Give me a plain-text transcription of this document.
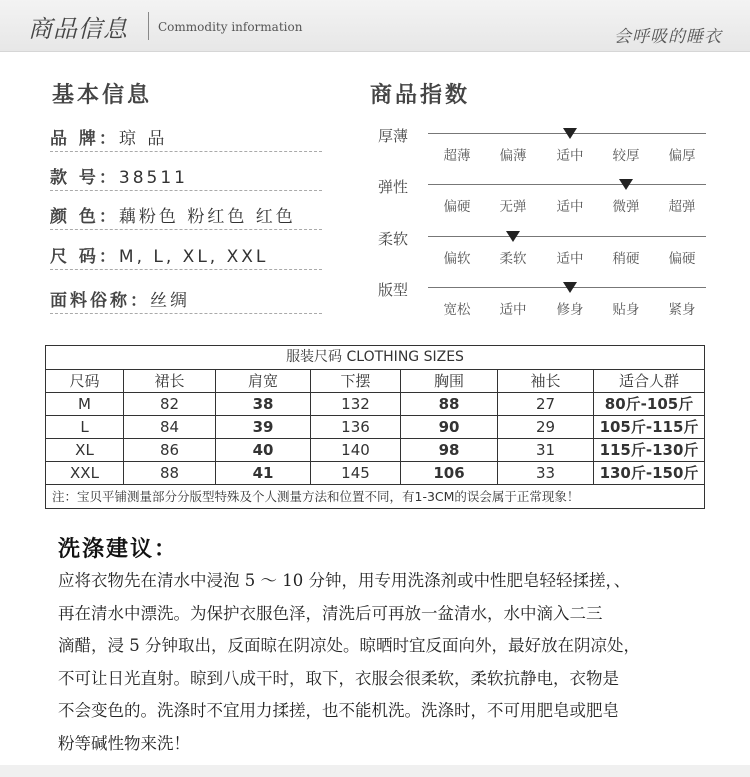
商品信息	Commodity information	会呼吸的睡衣
基本信息
品 牌：琼 品
款 号：38511
颜 色：藕粉色 粉红色 红色
尺 码：M, L, XL, XXL
面料俗称：丝绸
商品指数
厚薄
超薄	偏薄	适中	较厚	偏厚
弹性
偏硬	无弹	适中	微弹	超弹
柔软
偏软	柔软	适中	稍硬	偏硬
版型
宽松	适中	修身	贴身	紧身
服装尺码 CLOTHING SIZES
尺码	裙长	肩宽	下摆	胸围	袖长	适合人群
M	82	38	132	88	27	80斤-105斤
L	84	39	136	90	29	105斤-115斤
XL	86	40	140	98	31	115斤-130斤
XXL	88	41	145	106	33	130斤-150斤
注：宝贝平铺测量部分分版型特殊及个人测量方法和位置不同，有1-3CM的误会属于正常现象！
洗涤建议：
应将衣物先在清水中浸泡 5 ～ 10 分钟，用专用洗涤剂或中性肥皂轻轻揉搓，、
再在清水中漂洗。为保护衣服色泽，清洗后可再放一盆清水，水中滴入二三
滴醋，浸 5 分钟取出，反面晾在阴凉处。晾晒时宜反面向外，最好放在阴凉处，
不可让日光直射。晾到八成干时，取下，衣服会很柔软，柔软抗静电，衣物是
不会变色的。洗涤时不宜用力揉搓，也不能机洗。洗涤时，不可用肥皂或肥皂
粉等碱性物来洗！
